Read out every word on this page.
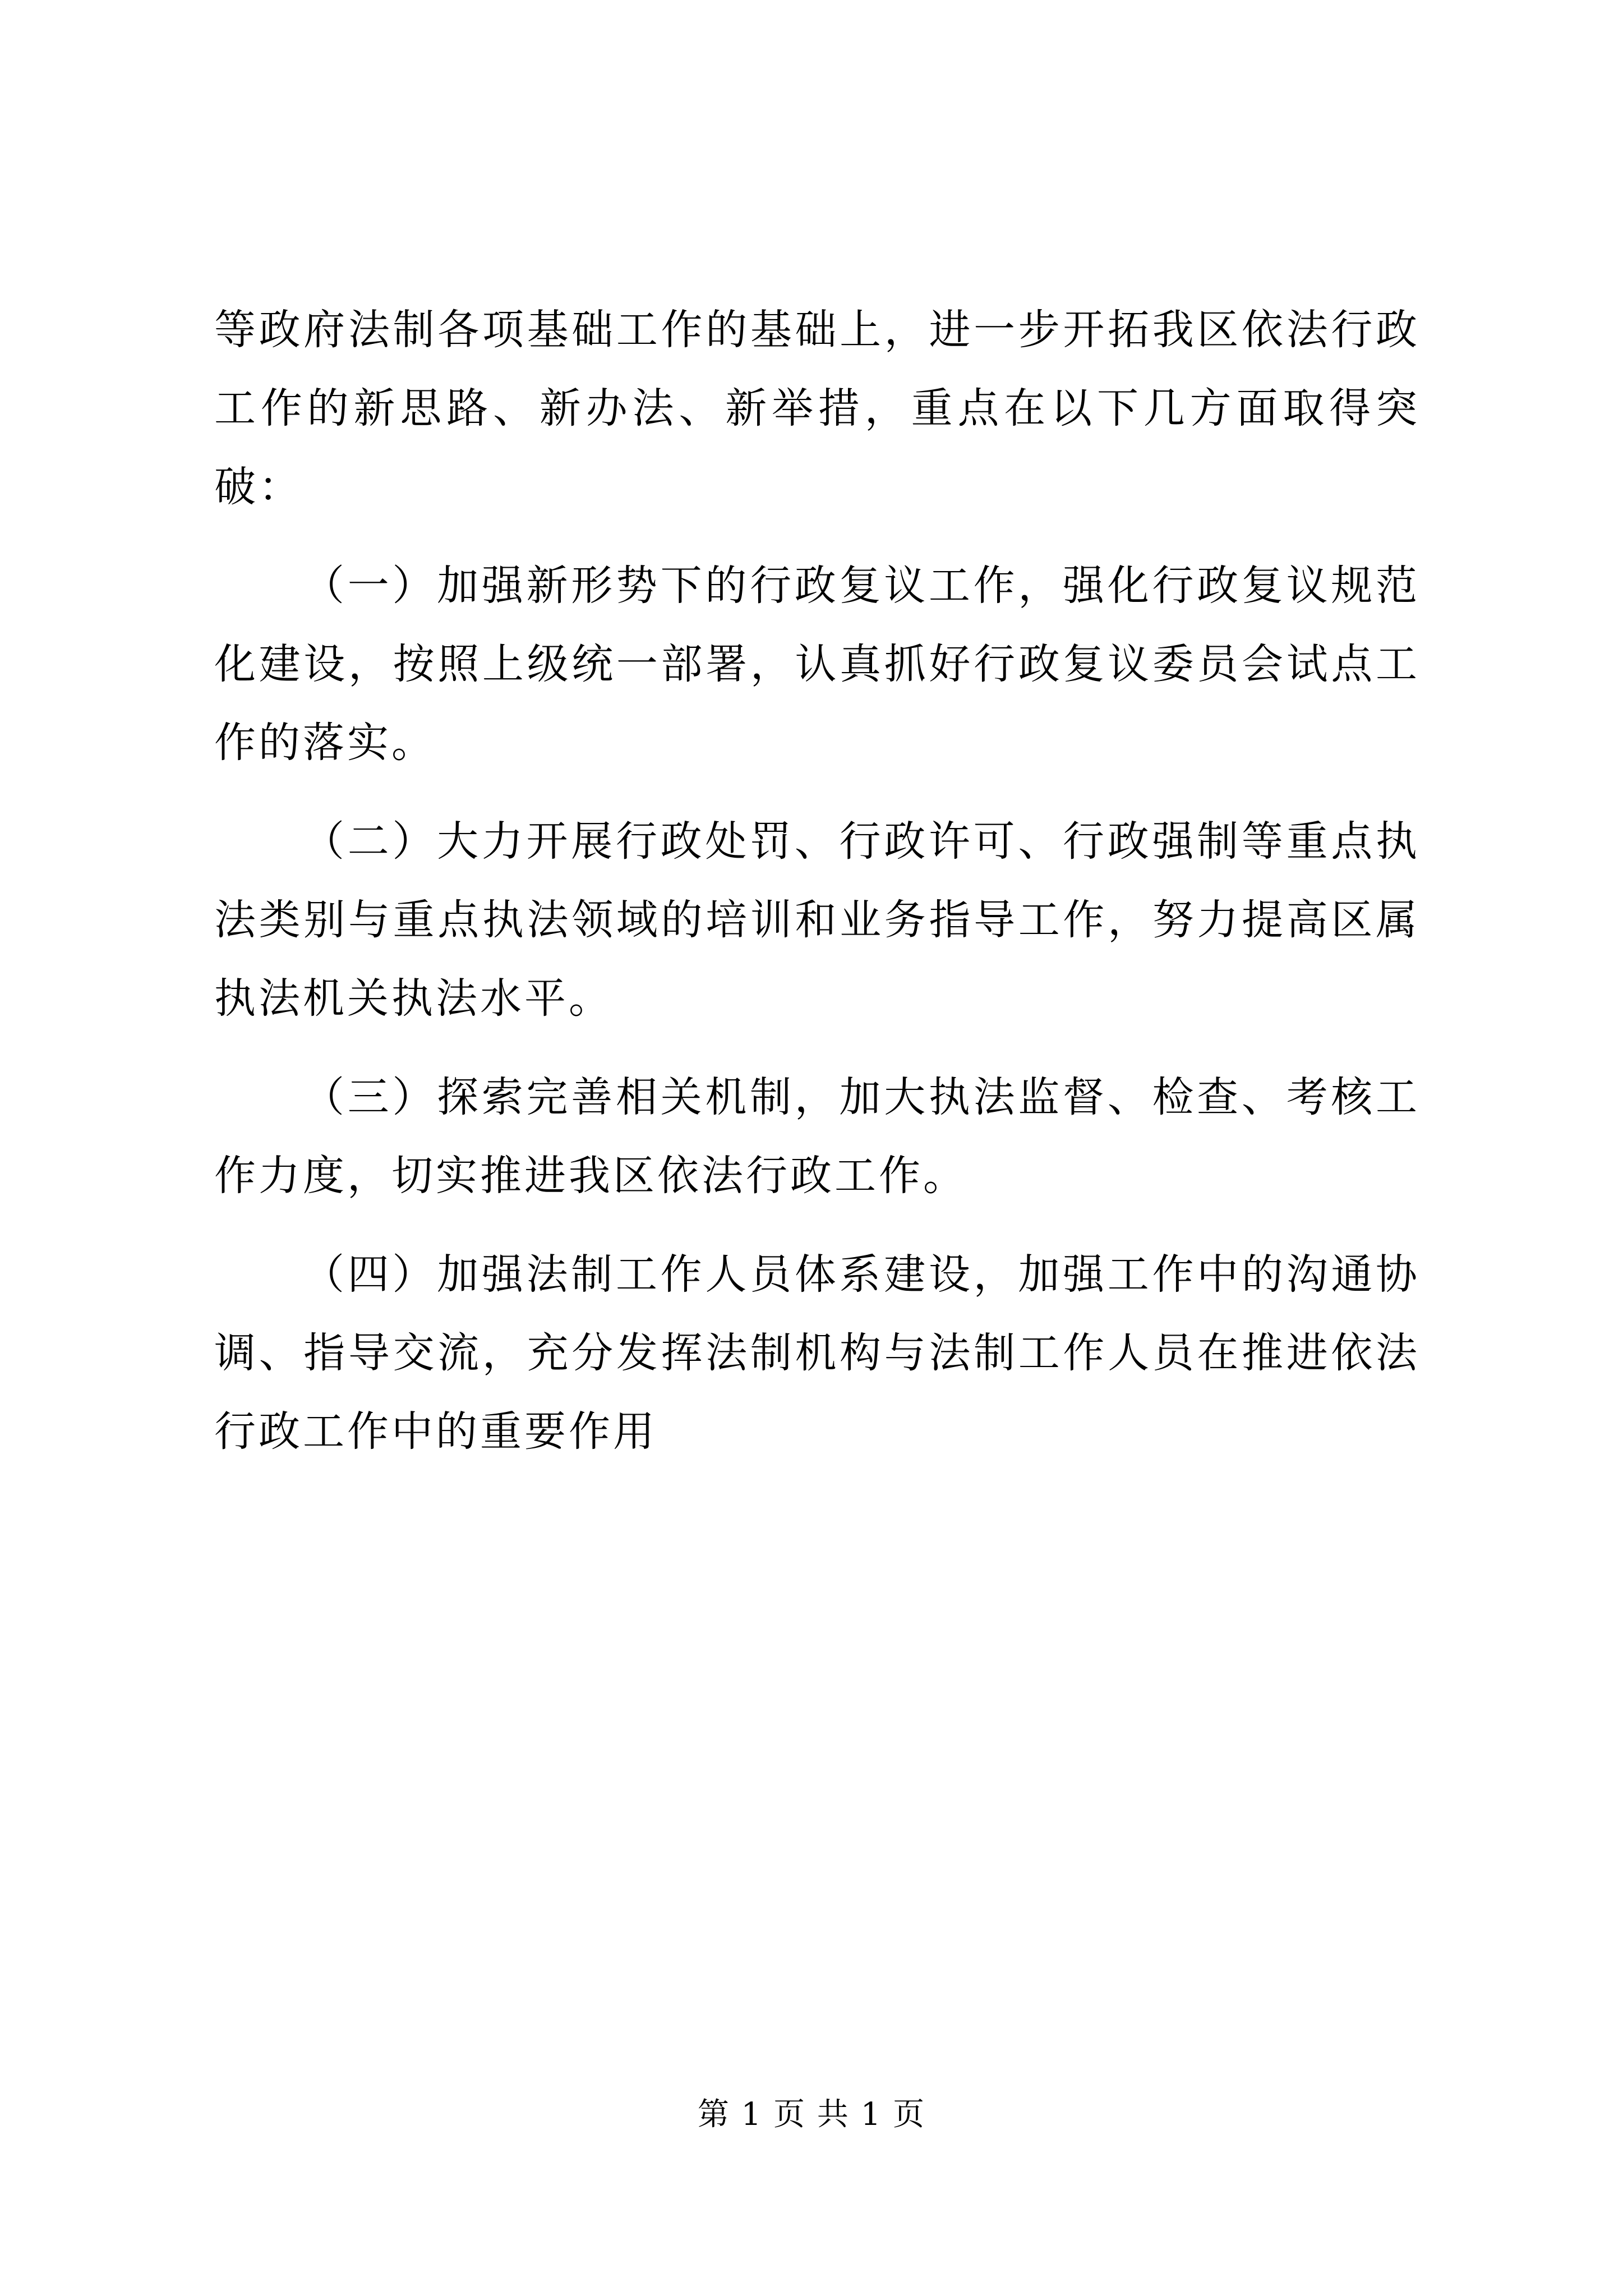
等政府法制各项基础工作的基础上，进一步开拓我区依法行政工作的新思路、新办法、新举措，重点在以下几方面取得突破：

（一）加强新形势下的行政复议工作，强化行政复议规范化建设，按照上级统一部署，认真抓好行政复议委员会试点工作的落实。

（二）大力开展行政处罚、行政许可、行政强制等重点执法类别与重点执法领域的培训和业务指导工作，努力提高区属执法机关执法水平。

（三）探索完善相关机制，加大执法监督、检查、考核工作力度，切实推进我区依法行政工作。

（四）加强法制工作人员体系建设，加强工作中的沟通协调、指导交流，充分发挥法制机构与法制工作人员在推进依法行政工作中的重要作用

第 1 页 共 1 页
